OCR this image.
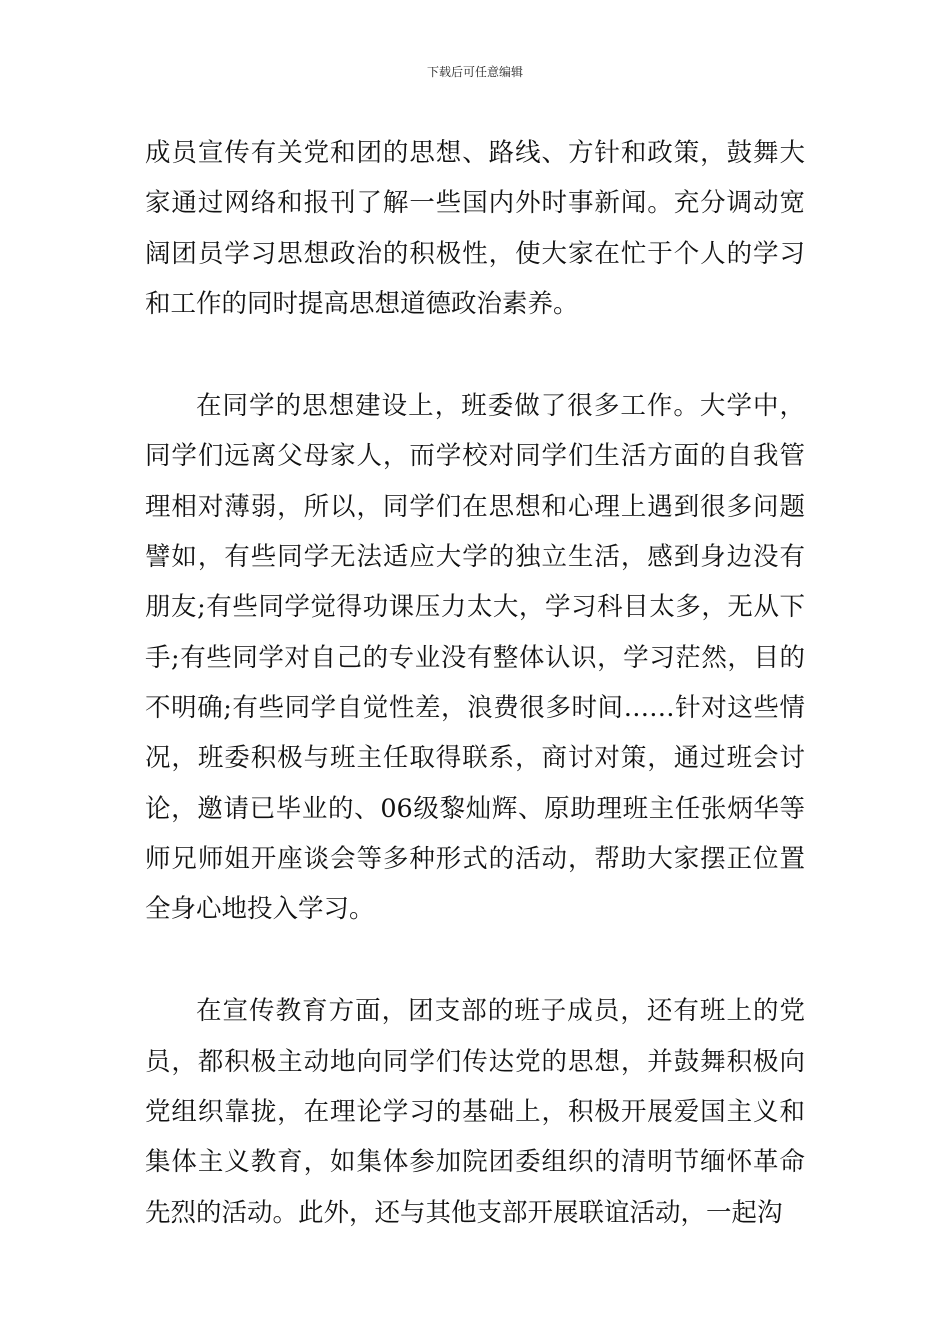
下载后可任意编辑

成员宣传有关党和团的思想、路线、方针和政策，鼓舞大家通过网络和报刊了解一些国内外时事新闻。充分调动宽阔团员学习思想政治的积极性，使大家在忙于个人的学习和工作的同时提高思想道德政治素养。

在同学的思想建设上，班委做了很多工作。大学中，同学们远离父母家人，而学校对同学们生活方面的自我管理相对薄弱，所以，同学们在思想和心理上遇到很多问题譬如，有些同学无法适应大学的独立生活，感到身边没有朋友;有些同学觉得功课压力太大，学习科目太多，无从下手;有些同学对自己的专业没有整体认识，学习茫然，目的不明确;有些同学自觉性差，浪费很多时间……针对这些情况，班委积极与班主任取得联系，商讨对策，通过班会讨论，邀请已毕业的、06级黎灿辉、原助理班主任张炳华等师兄师姐开座谈会等多种形式的活动，帮助大家摆正位置全身心地投入学习。

在宣传教育方面，团支部的班子成员，还有班上的党员，都积极主动地向同学们传达党的思想，并鼓舞积极向党组织靠拢，在理论学习的基础上，积极开展爱国主义和集体主义教育，如集体参加院团委组织的清明节缅怀革命先烈的活动。此外，还与其他支部开展联谊活动，一起沟
